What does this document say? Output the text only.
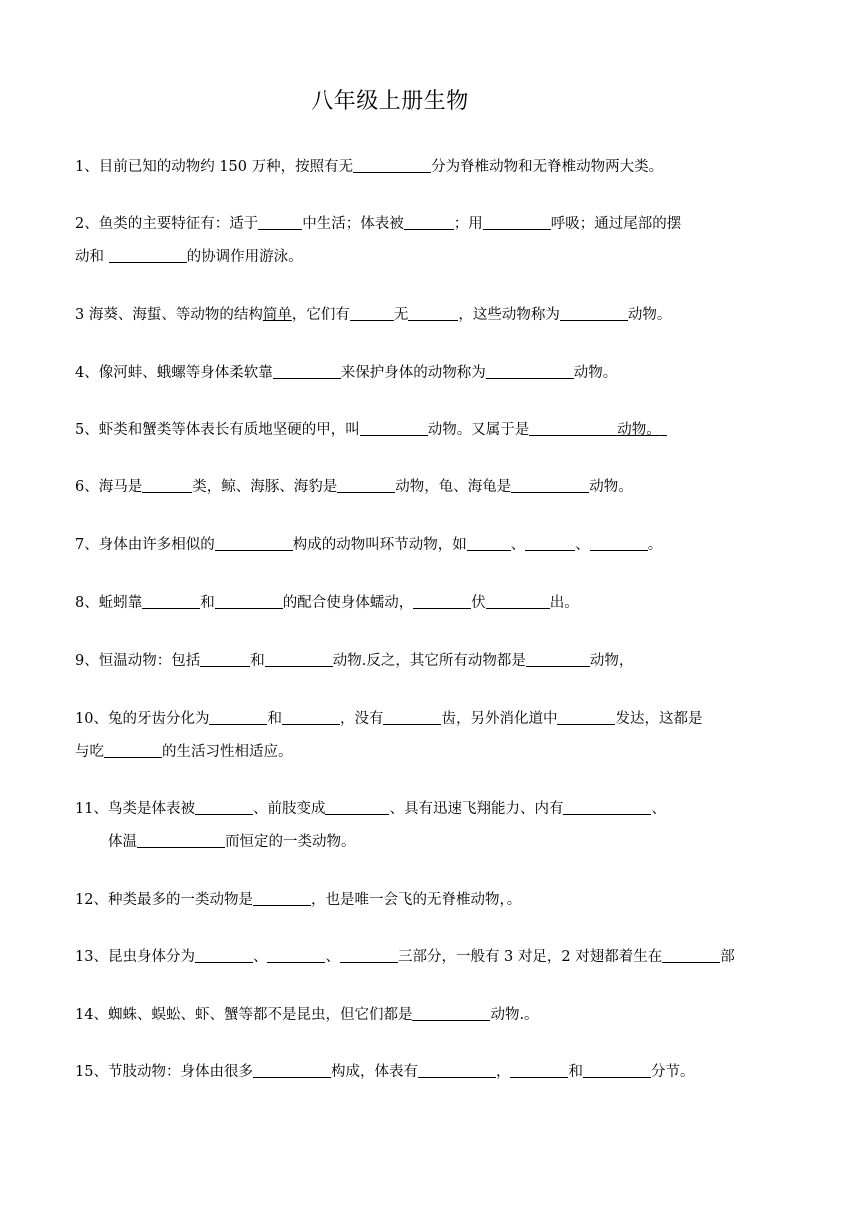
八年级上册生物
1、目前已知的动物约 150 万种，按照有无	分为脊椎动物和无脊椎动物两大类。
2、鱼类的主要特征有：适于	中生活；体表被	；用	呼吸；通过尾部的摆
动和	的协调作用游泳。
3 海葵、海蜇、等动物的结构简单，它们有	无	，这些动物称为	动物。
4、像河蚌、蛾螺等身体柔软靠	来保护身体的动物称为	动物。
5、虾类和蟹类等体表长有质地坚硬的甲，叫	动物。又属于是	动物。
6、海马是	类，鲸、海豚、海豹是	动物，龟、海龟是	动物。
7、身体由许多相似的	构成的动物叫环节动物，如	、	、	。
8、蚯蚓靠	和	的配合使身体蠕动，	伏	出。
9、恒温动物：包括	和	动物.反之，其它所有动物都是	动物，
10、兔的牙齿分化为	和	，没有	齿，另外消化道中	发达，这都是
与吃	的生活习性相适应。
11、鸟类是体表被	、前肢变成	、具有迅速飞翔能力、内有	、
体温	而恒定的一类动物。
12、种类最多的一类动物是	，也是唯一会飞的无脊椎动物，。
13、昆虫身体分为	、	、	三部分，一般有 3 对足，2 对翅都着生在	部
14、蜘蛛、蜈蚣、虾、蟹等都不是昆虫，但它们都是	动物.。
15、节肢动物：身体由很多	构成，体表有	，	和	分节。
